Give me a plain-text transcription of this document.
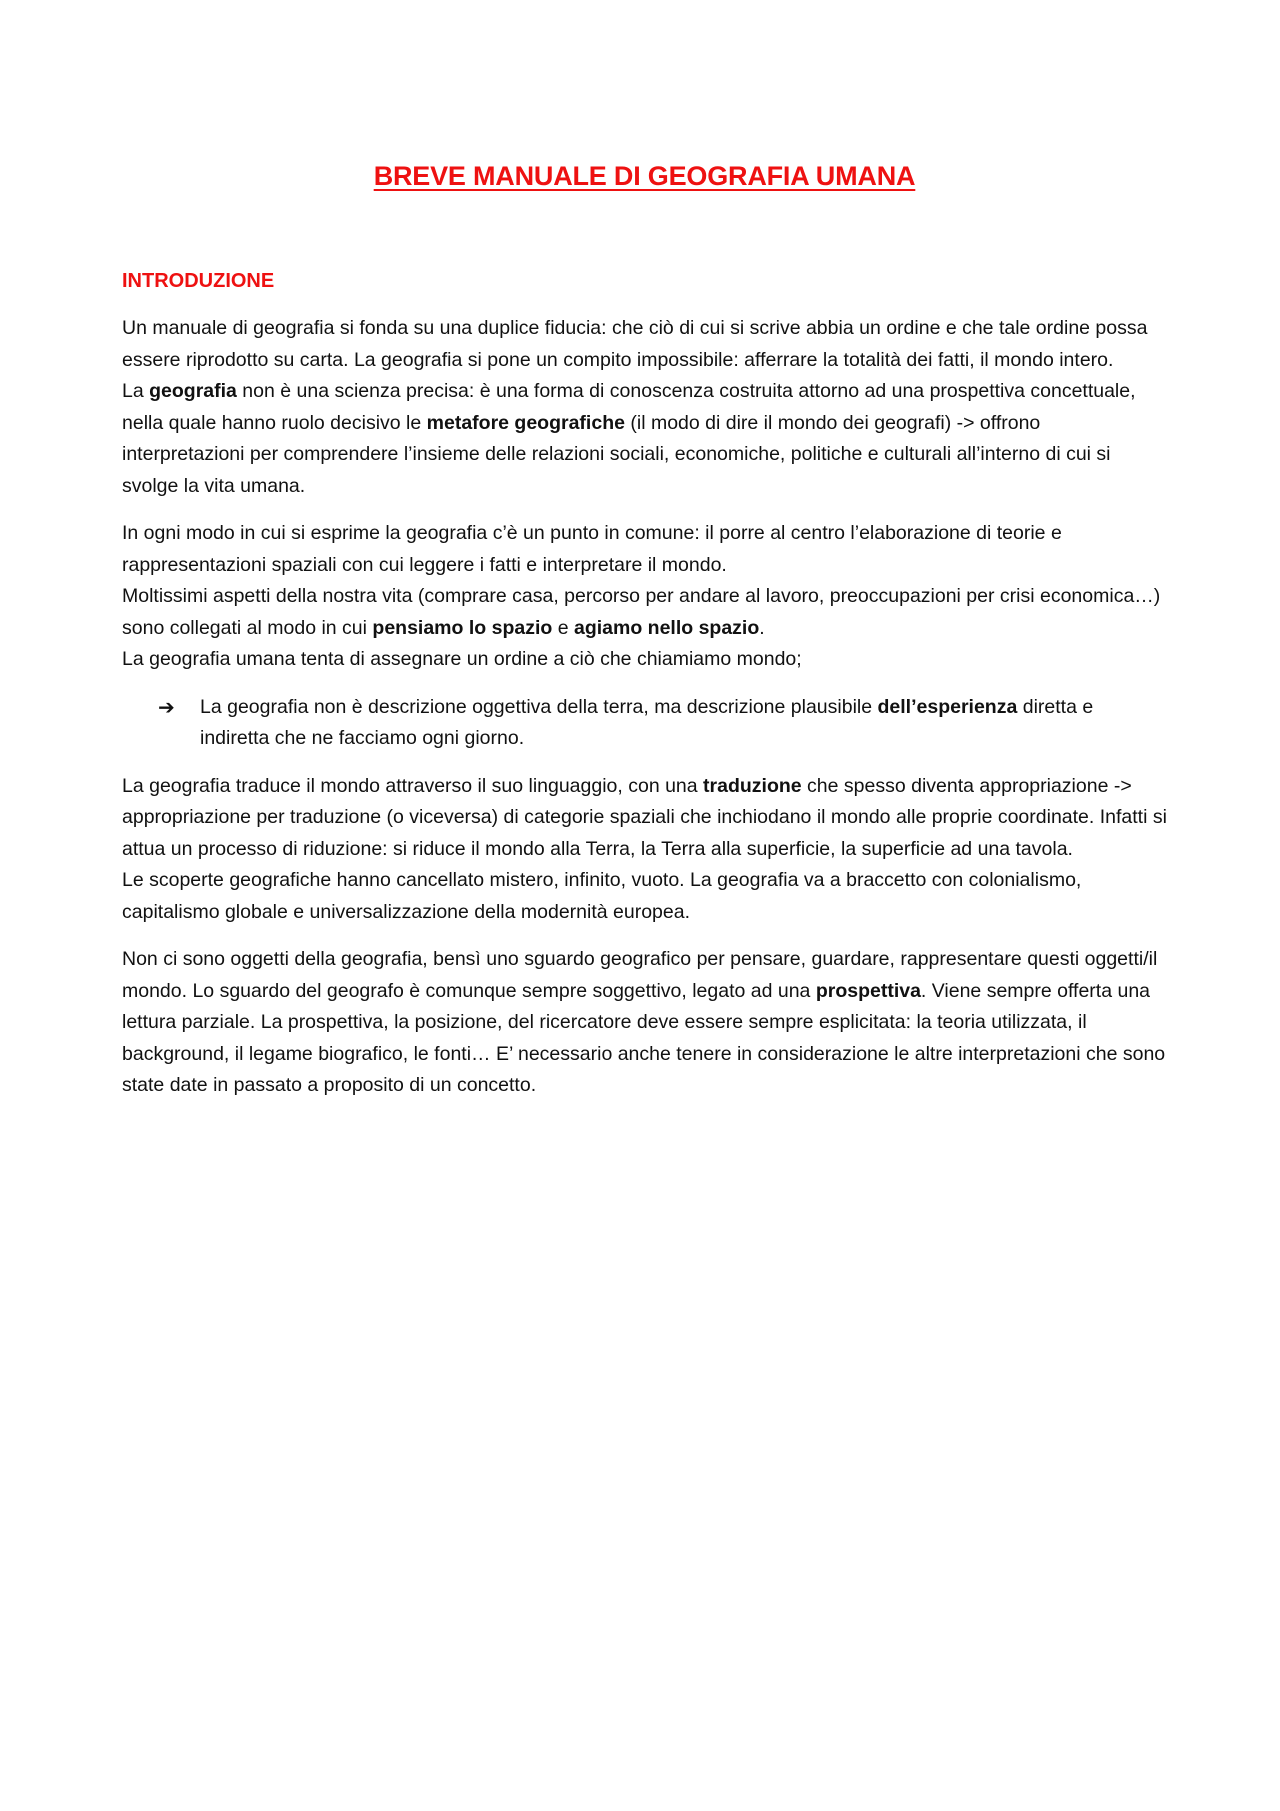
BREVE MANUALE DI GEOGRAFIA UMANA
INTRODUZIONE

Un manuale di geografia si fonda su una duplice fiducia: che ciò di cui si scrive abbia un ordine e che tale ordine possa essere riprodotto su carta. La geografia si pone un compito impossibile: afferrare la totalità dei fatti, il mondo intero.
La geografia non è una scienza precisa: è una forma di conoscenza costruita attorno ad una prospettiva concettuale, nella quale hanno ruolo decisivo le metafore geografiche (il modo di dire il mondo dei geografi) -> offrono interpretazioni per comprendere l’insieme delle relazioni sociali, economiche, politiche e culturali all’interno di cui si svolge la vita umana.

In ogni modo in cui si esprime la geografia c’è un punto in comune: il porre al centro l’elaborazione di teorie e rappresentazioni spaziali con cui leggere i fatti e interpretare il mondo.
Moltissimi aspetti della nostra vita (comprare casa, percorso per andare al lavoro, preoccupazioni per crisi economica…) sono collegati al modo in cui pensiamo lo spazio e agiamo nello spazio.
La geografia umana tenta di assegnare un ordine a ciò che chiamiamo mondo;

➔ La geografia non è descrizione oggettiva della terra, ma descrizione plausibile dell’esperienza diretta e indiretta che ne facciamo ogni giorno.

La geografia traduce il mondo attraverso il suo linguaggio, con una traduzione che spesso diventa appropriazione -> appropriazione per traduzione (o viceversa) di categorie spaziali che inchiodano il mondo alle proprie coordinate. Infatti si attua un processo di riduzione: si riduce il mondo alla Terra, la Terra alla superficie, la superficie ad una tavola.
Le scoperte geografiche hanno cancellato mistero, infinito, vuoto. La geografia va a braccetto con colonialismo, capitalismo globale e universalizzazione della modernità europea.

Non ci sono oggetti della geografia, bensì uno sguardo geografico per pensare, guardare, rappresentare questi oggetti/il mondo. Lo sguardo del geografo è comunque sempre soggettivo, legato ad una prospettiva. Viene sempre offerta una lettura parziale. La prospettiva, la posizione, del ricercatore deve essere sempre esplicitata: la teoria utilizzata, il background, il legame biografico, le fonti… E’ necessario anche tenere in considerazione le altre interpretazioni che sono state date in passato a proposito di un concetto.
